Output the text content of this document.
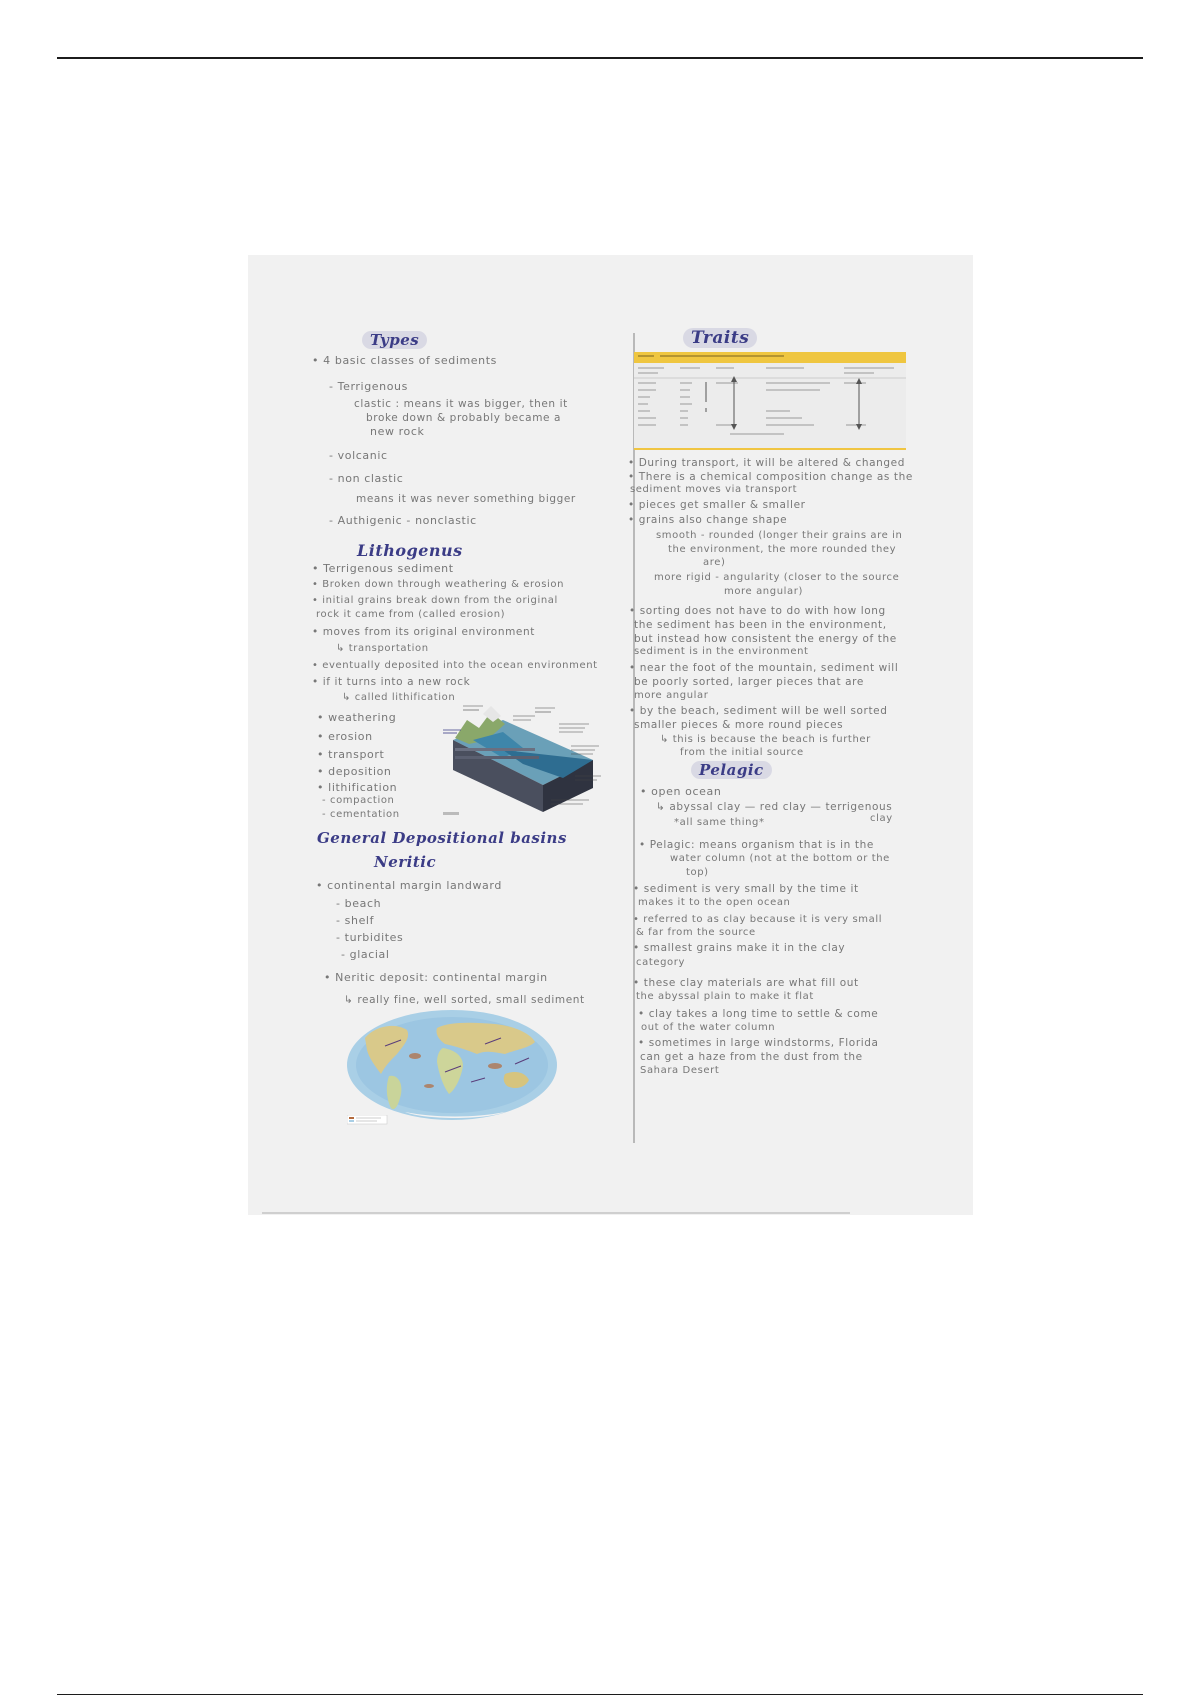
Types	Traits
Lithogenus
General Depositional basins
Neritic
Pelagic
• 4 basic classes of sediments
- Terrigenous
clastic : means it was bigger, then it
broke down & probably became a
new rock
- volcanic
- non clastic
means it was never something bigger
- Authigenic - nonclastic
• Terrigenous sediment
• Broken down through weathering & erosion
• initial grains break down from the original
rock it came from (called erosion)
• moves from its original environment
↳ transportation
• eventually deposited into the ocean environment
• if it turns into a new rock
↳ called lithification
• weathering
• erosion
• transport
• deposition
• lithification
- compaction
- cementation
• continental margin landward
- beach
- shelf
- turbidites
- glacial
• Neritic deposit: continental margin
↳ really fine, well sorted, small sediment
• During transport, it will be altered & changed
• There is a chemical composition change as the
sediment moves via transport
• pieces get smaller & smaller
• grains also change shape
smooth - rounded (longer their grains are in
the environment, the more rounded they
are)
more rigid - angularity (closer to the source
more angular)
• sorting does not have to do with how long
the sediment has been in the environment,
but instead how consistent the energy of the
sediment is in the environment
• near the foot of the mountain, sediment will
be poorly sorted, larger pieces that are
more angular
• by the beach, sediment will be well sorted
smaller pieces & more round pieces
↳ this is because the beach is further
from the initial source
• open ocean
↳ abyssal clay — red clay — terrigenous
clay
*all same thing*
• Pelagic: means organism that is in the
water column (not at the bottom or the
top)
• sediment is very small by the time it
makes it to the open ocean
• referred to as clay because it is very small
& far from the source
• smallest grains make it in the clay
category
• these clay materials are what fill out
the abyssal plain to make it flat
• clay takes a long time to settle & come
out of the water column
• sometimes in large windstorms, Florida
can get a haze from the dust from the
Sahara Desert
